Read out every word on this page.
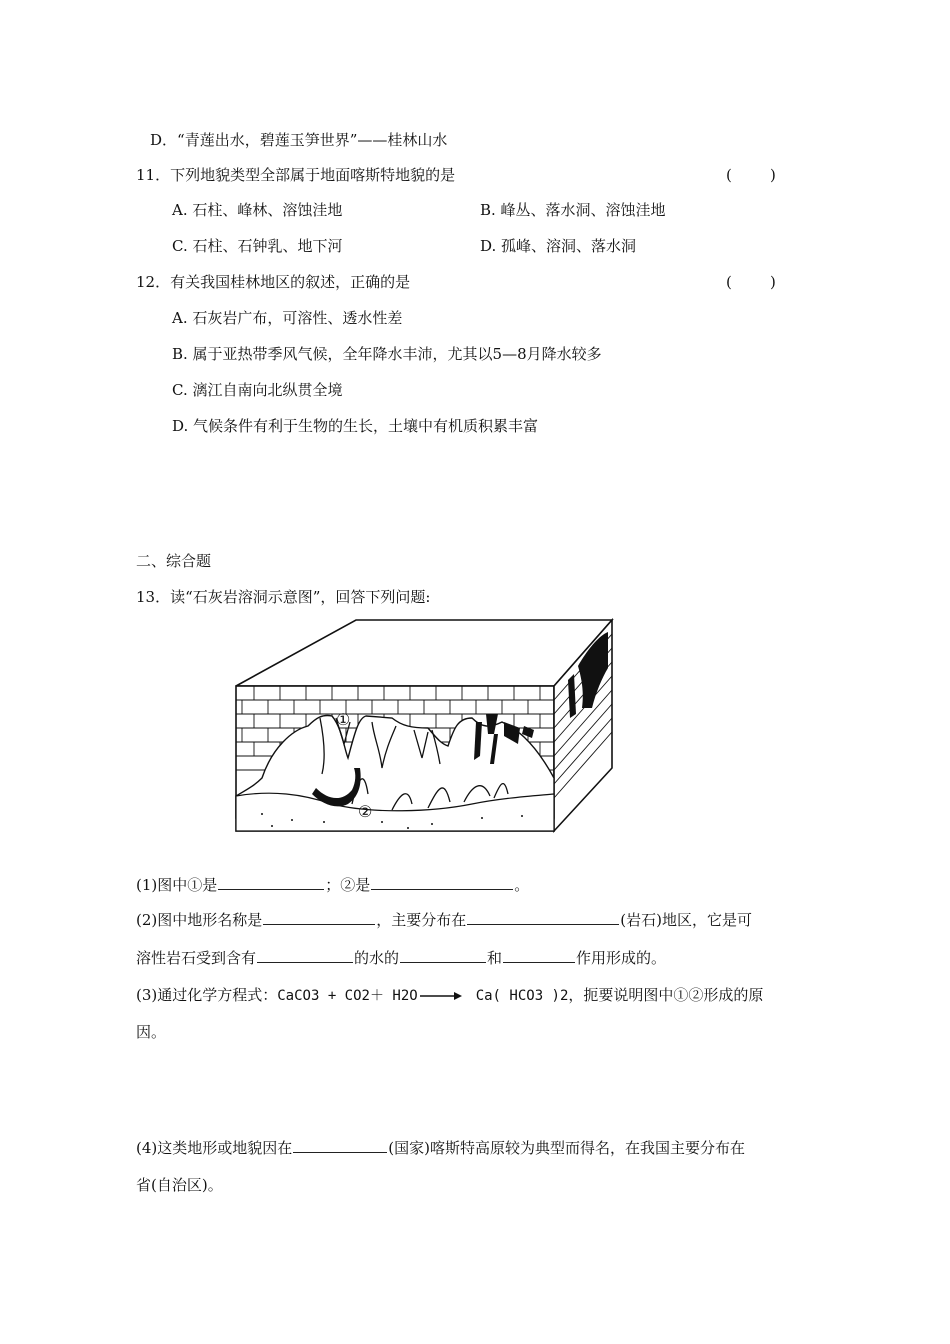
D．“青莲出水，碧莲玉笋世界”——桂林山水
11．下列地貌类型全部属于地面喀斯特地貌的是	(        )
A. 石柱、峰林、溶蚀洼地	B. 峰丛、落水洞、溶蚀洼地
C. 石柱、石钟乳、地下河	D. 孤峰、溶洞、落水洞
12．有关我国桂林地区的叙述，正确的是	(        )
A. 石灰岩广布，可溶性、透水性差
B. 属于亚热带季风气候，全年降水丰沛，尤其以5—8月降水较多
C. 漓江自南向北纵贯全境
D. 气候条件有利于生物的生长，土壤中有机质积累丰富
二、综合题
13．读“石灰岩溶洞示意图”，回答下列问题:
①
②
(1)图中①是	；②是	。
(2)图中地形名称是	，主要分布在	(岩石)地区，它是可
溶性岩石受到含有	的水的	和	作用形成的。
(3)通过化学方程式：CaCO3 + CO2＋ H2O→ Ca( HCO3 )2，扼要说明图中①②形成的原
因。
(4)这类地形或地貌因在	(国家)喀斯特高原较为典型而得名，在我国主要分布在
省(自治区)。
